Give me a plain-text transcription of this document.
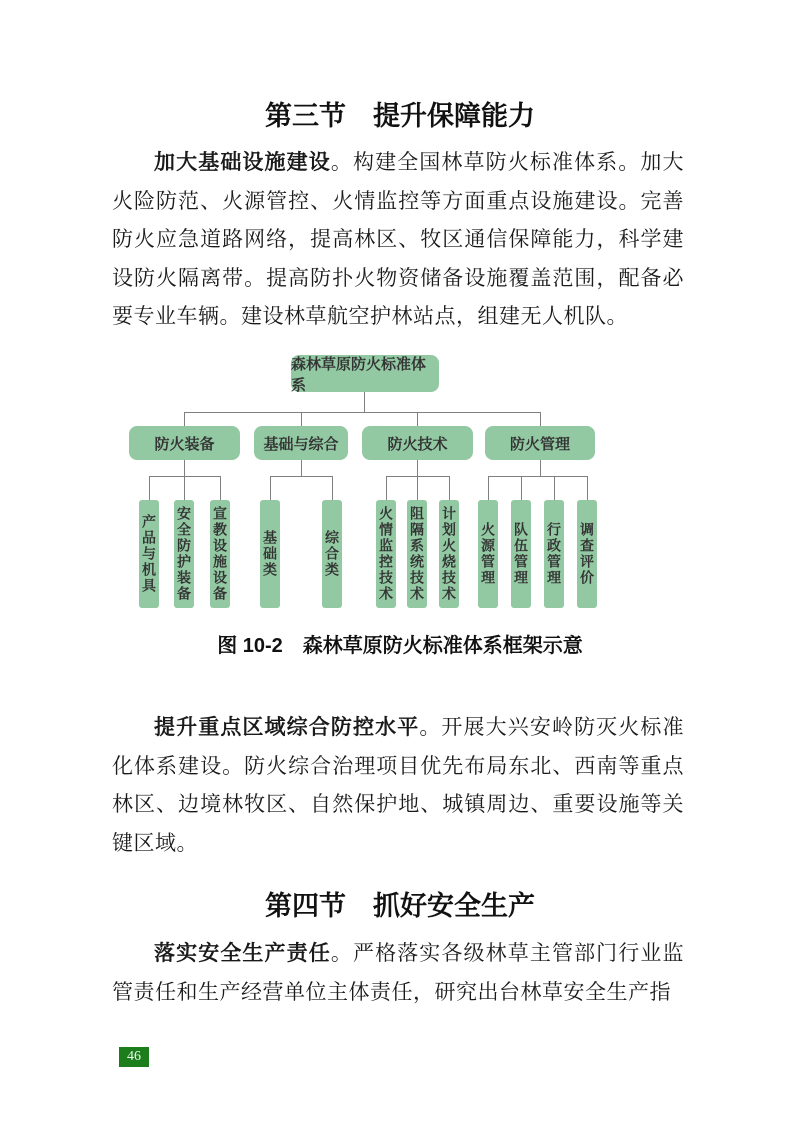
第三节　提升保障能力

加大基础设施建设。构建全国林草防火标准体系。加大火险防范、火源管控、火情监控等方面重点设施建设。完善防火应急道路网络，提高林区、牧区通信保障能力，科学建设防火隔离带。提高防扑火物资储备设施覆盖范围，配备必要专业车辆。建设林草航空护林站点，组建无人机队。

森林草原防火标准体系
防火装备	基础与综合	防火技术	防火管理
产品与机具 安全防护装备 宣教设施设备 基础类	综合类	火情监控技术 阻隔系统技术 计划火烧技术 火源管理 队伍管理 行政管理 调查评价
图 10-2　森林草原防火标准体系框架示意

提升重点区域综合防控水平。开展大兴安岭防灭火标准化体系建设。防火综合治理项目优先布局东北、西南等重点林区、边境林牧区、自然保护地、城镇周边、重要设施等关键区域。

第四节　抓好安全生产

落实安全生产责任。严格落实各级林草主管部门行业监管责任和生产经营单位主体责任，研究出台林草安全生产指

46
